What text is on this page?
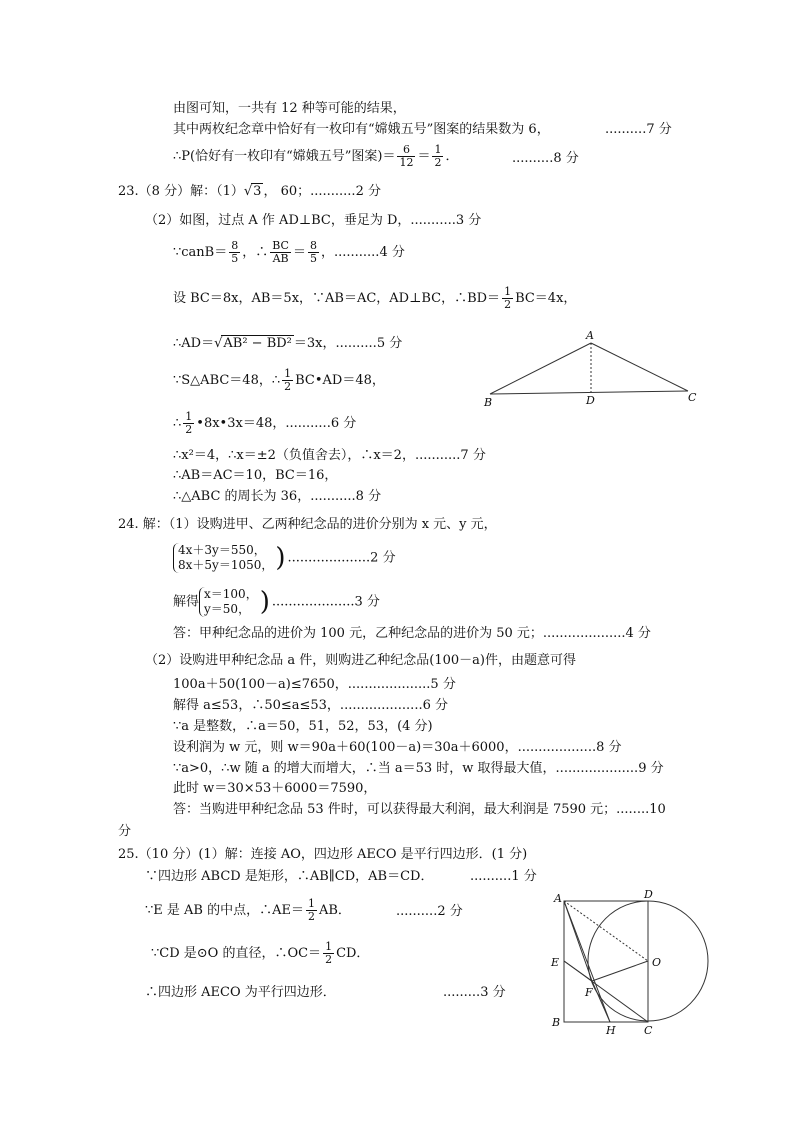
由图可知，一共有 12 种等可能的结果，
其中两枚纪念章中恰好有一枚印有“嫦娥五号”图案的结果数为 6，	..........7 分
∴P(恰好有一枚印有“嫦娥五号”图案)＝ $\frac{6}{12} = \frac{1}{2}$ ．	..........8 分
23.（8 分）解：（1）√3 ， 60；...........2 分
（2）如图，过点 A 作 AD⊥BC，垂足为 D，...........3 分
∵canB＝ $\frac{8}{5}$ ，∴ $\frac{BC}{AB} = \frac{8}{5}$ ，...........4 分
设 BC＝8x，AB＝5x，∵AB＝AC，AD⊥BC，∴BD＝ $\frac{1}{2} BC=4x$，
∴AD＝√AB² − BD² ＝3x，..........5 分
∵S△ABC＝48，∴ $\frac{1}{2}$ BC•AD＝48，
∴ $\frac{1}{2}$ •8x•3x＝48，...........6 分
∴x²＝4，∴x＝±2（负值舍去），∴x＝2，...........7 分
∴AB＝AC＝10，BC＝16，
∴△ABC 的周长为 36，...........8 分
A
B	D	C
24. 解：（1）设购进甲、乙两种纪念品的进价分别为 x 元、y 元，
4x＋3y＝550，
8x＋5y＝1050， ) ....................2 分
解得
x＝100，
y＝50， ) ....................3 分
答：甲种纪念品的进价为 100 元，乙种纪念品的进价为 50 元；....................4 分
（2）设购进甲种纪念品 a 件，则购进乙种纪念品(100－a)件，由题意可得
100a＋50(100－a)≤7650，....................5 分
解得 a≤53，∴50≤a≤53，....................6 分
∵a 是整数，∴a＝50，51，52，53，(4 分)
设利润为 w 元，则 w＝90a＋60(100－a)＝30a＋6000，...................8 分
∵a>0，∴w 随 a 的增大而增大，∴当 a＝53 时，w 取得最大值，....................9 分
此时 w＝30×53＋6000＝7590，
答：当购进甲种纪念品 53 件时，可以获得最大利润，最大利润是 7590 元；........10
分
25.（10 分）(1）解：连接 AO，四边形 AECO 是平行四边形．(1 分)
∵四边形 ABCD 是矩形，∴AB∥CD，AB＝CD．	..........1 分
∵E 是 AB 的中点，∴AE＝ $\frac{1}{2}$ AB．	..........2 分
∵CD 是⊙O 的直径，∴OC＝ $\frac{1}{2}$ CD．
∴四边形 AECO 为平行四边形．	.........3 分
A	D
E	O
F
B
H	C
